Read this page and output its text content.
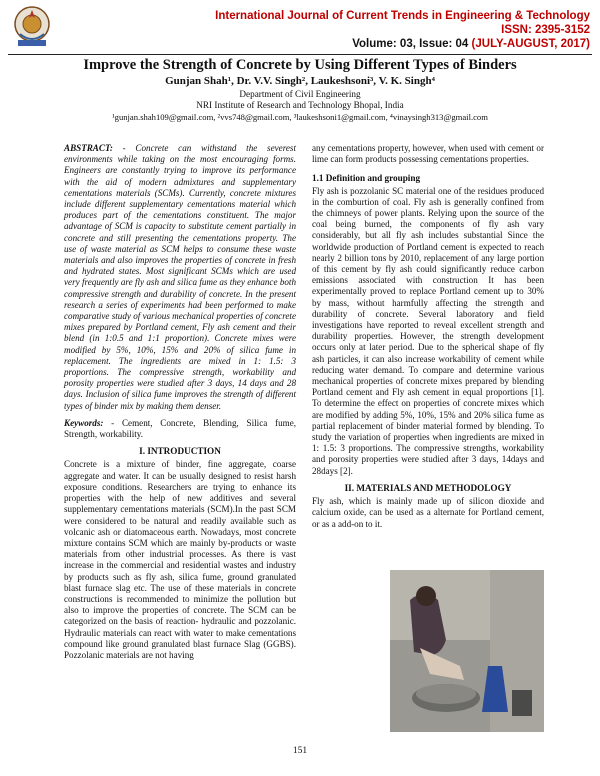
International Journal of Current Trends in Engineering & Technology
ISSN: 2395-3152
Volume: 03, Issue: 04 (JULY-AUGUST, 2017)
Improve the Strength of Concrete by Using Different Types of Binders
Gunjan Shah¹, Dr. V.V. Singh², Laukeshsoni³, V. K. Singh⁴
Department of Civil Engineering
NRI Institute of Research and Technology Bhopal, India
¹gunjan.shah109@gmail.com, ²vvs748@gmail.com, ³laukeshsoni1@gmail.com, ⁴vinaysingh313@gmail.com

ABSTRACT: - Concrete can withstand the severest environments while taking on the most encouraging forms. Engineers are constantly trying to improve its performance with the aid of modern admixtures and supplementary cementations materials (SCMs). Currently, concrete mixtures include different supplementary cementations material which produces part of the cementations constituent. The major advantage of SCM is capacity to substitute cement partially in concrete and still presenting the cementations property. The use of waste material as SCM helps to consume these waste materials and also improves the properties of concrete in fresh and hydrated states. Most significant SCMs which are used very frequently are fly ash and silica fume as they enhance both compressive strength and durability of concrete. In the present research a series of experiments had been performed to make comparative study of various mechanical properties of concrete mixes prepared by Portland cement, Fly ash cement and their blend (in 1:0.5 and 1:1 proportion). Concrete mixes were modified by 5%, 10%, 15% and 20% of silica fume in replacement. The ingredients are mixed in 1: 1.5: 3 proportions. The compressive strength, workability and porosity properties were studied after 3 days, 14 days and 28 days. Inclusion of silica fume improves the strength of different types of binder mix by making them denser.

Keywords: - Cement, Concrete, Blending, Silica fume, Strength, workability.

I. INTRODUCTION

Concrete is a mixture of binder, fine aggregate, coarse aggregate and water. It can be usually designed to resist harsh exposure conditions. Researchers are trying to enhance its properties with the help of new additives and several supplementary cementations materials (SCM).In the past SCM were considered to be natural and readily available such as volcanic ash or diatomaceous earth. Nowadays, most concrete mixture contains SCM which are mainly by-products or waste materials from other industrial processes. As there is vast increase in the commercial and residential wastes and industry by products such as fly ash, silica fume, ground granulated blast furnace slag etc. The use of these materials in concrete constructions is recommended to minimize the pollution but also to improve the properties of concrete. The SCM can be categorized on the basis of reaction- hydraulic and pozzolanic. Hydraulic materials can react with water to make cementations compound like ground granulated blast furnace Slag (GGBS). Pozzolanic materials are not having

any cementations property, however, when used with cement or lime can form products possessing cementations properties.

1.1 Definition and grouping

Fly ash is pozzolanic SC material one of the residues produced in the comburtion of coal. Fly ash is generally confined from the chimneys of power plants. Relying upon the source of the coal being burned, the components of fly ash vary considerably, but all fly ash includes substantial Since the worldwide production of Portland cement is expected to reach nearly 2 billion tons by 2010, replacement of any large portion of this cement by fly ash could significantly reduce carbon emissions associated with construction It has been experimentally proved to replace Portland cement up to 30% by mass, without harmfully affecting the strength and durability of concrete. Several laboratory and field investigations have reported to reveal excellent strength and durability properties. However, the strength development occurs only at later period. Due to the spherical shape of fly ash particles, it can also increase workability of cement while reducing water demand. To compare and determine various mechanical properties of concrete mixes prepared by blending Portland cement and Fly ash cement in equal proportions [1]. To determine the effect on properties of concrete mixes which are modified by adding 5%, 10%, 15% and 20% silica fume as partial replacement of binder material formed by blending. To study the variation of properties when ingredients are mixed in 1: 1.5: 3 proportions. The compressive strengths, workability and porosity properties were studied after 3 days, 14days and 28days [2].

II. MATERIALS AND METHODOLOGY

Fly ash, which is mainly made up of silicon dioxide and calcium oxide, can be used as a alternate for Portland cement, or as a add-on to it.

151
